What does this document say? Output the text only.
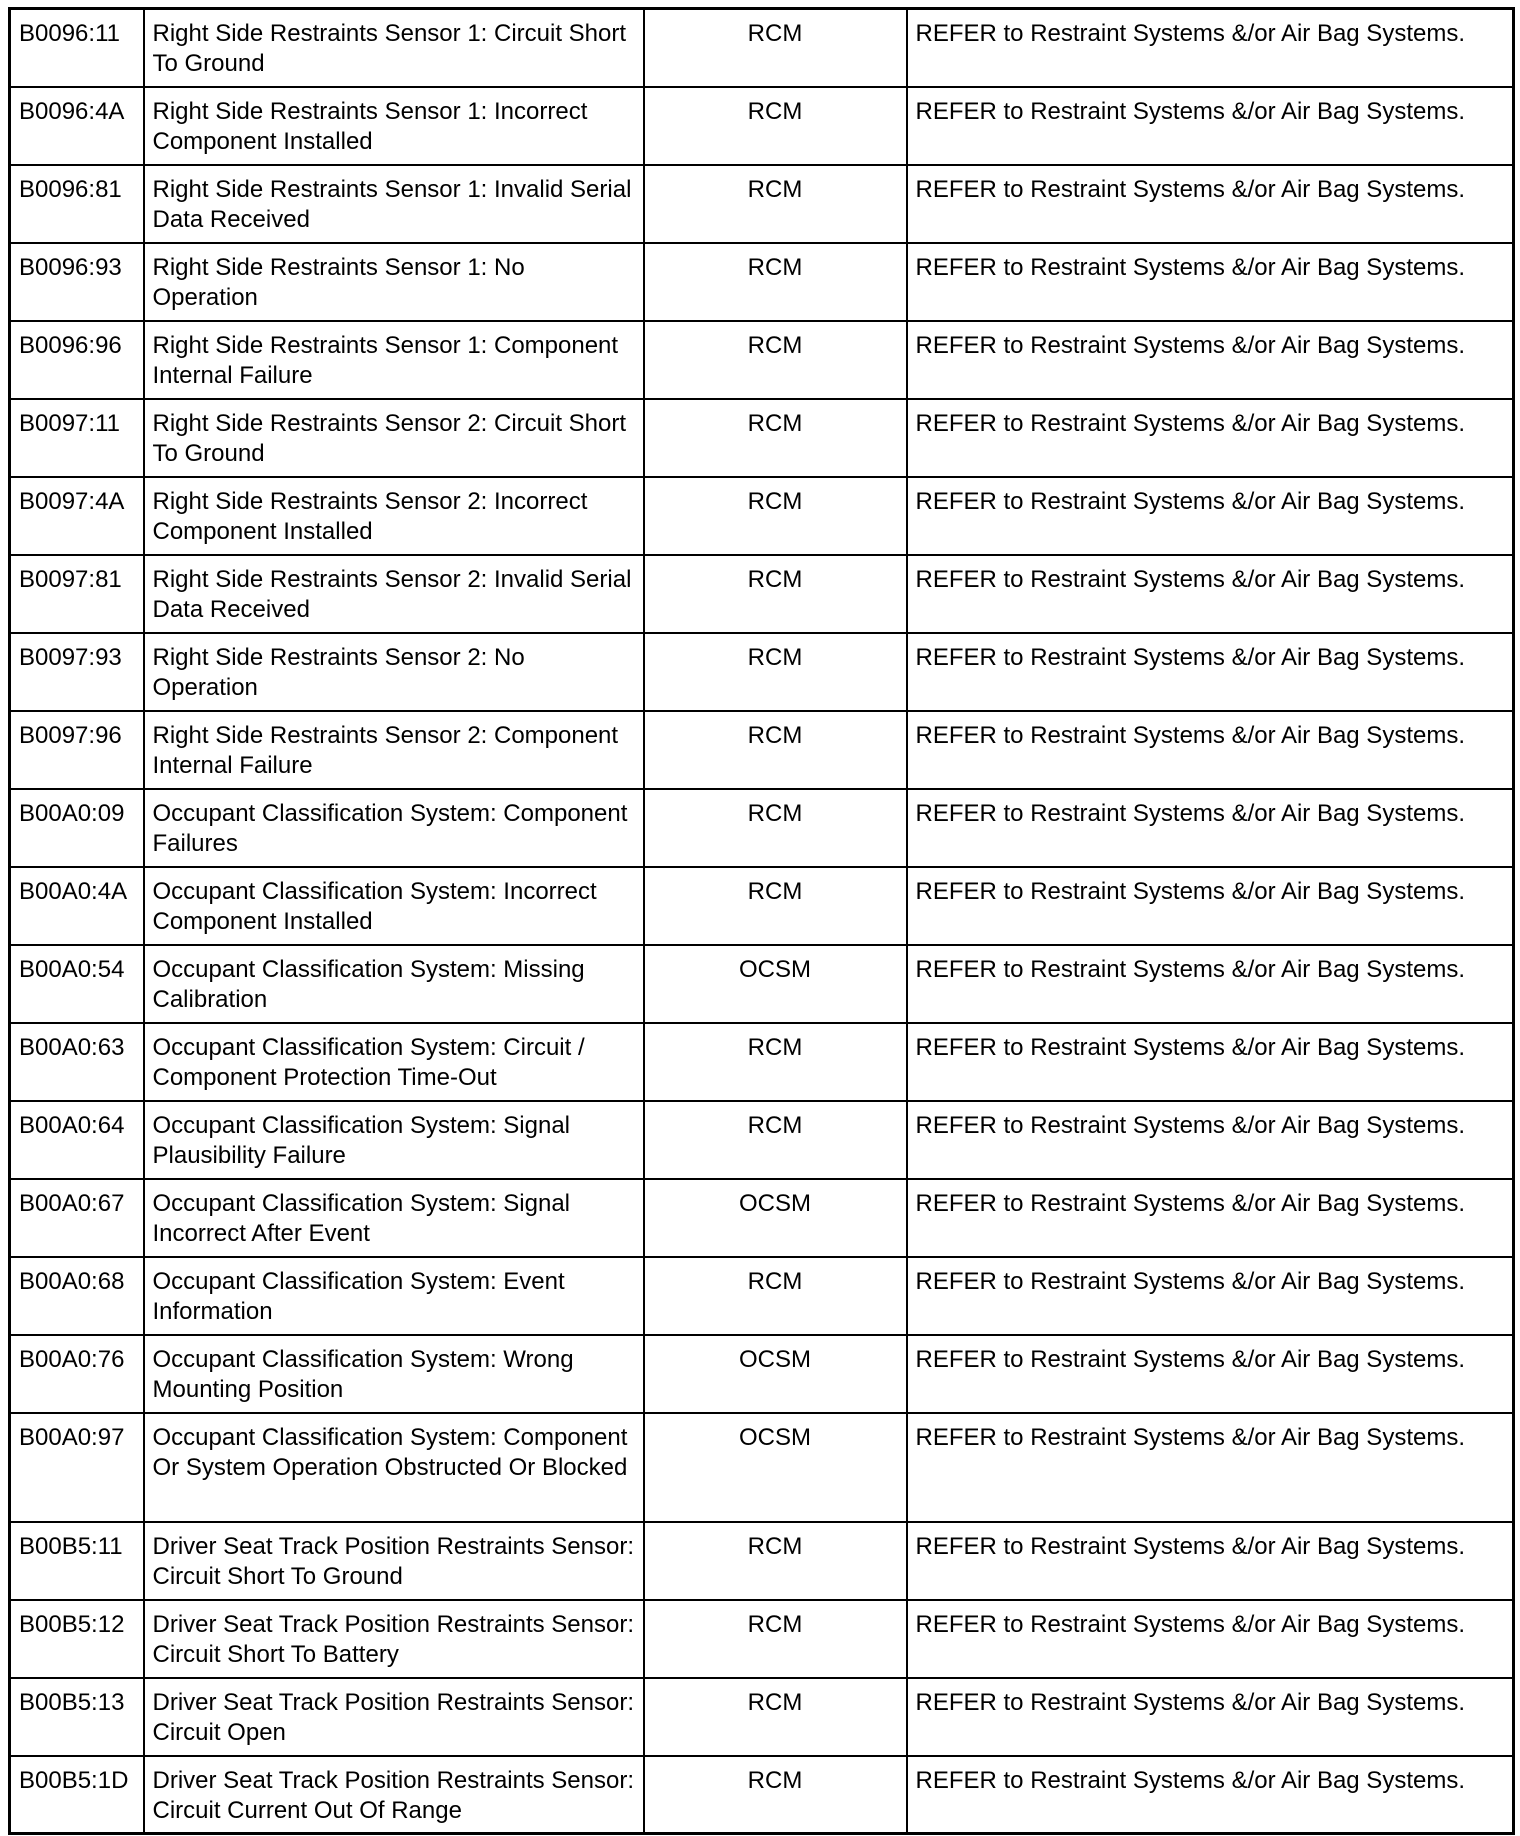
B0096:11	Right Side Restraints Sensor 1: Circuit Short To Ground	RCM	REFER to Restraint Systems &/or Air Bag Systems.
B0096:4A	Right Side Restraints Sensor 1: Incorrect Component Installed	RCM	REFER to Restraint Systems &/or Air Bag Systems.
B0096:81	Right Side Restraints Sensor 1: Invalid Serial Data Received	RCM	REFER to Restraint Systems &/or Air Bag Systems.
B0096:93	Right Side Restraints Sensor 1: No Operation	RCM	REFER to Restraint Systems &/or Air Bag Systems.
B0096:96	Right Side Restraints Sensor 1: Component Internal Failure	RCM	REFER to Restraint Systems &/or Air Bag Systems.
B0097:11	Right Side Restraints Sensor 2: Circuit Short To Ground	RCM	REFER to Restraint Systems &/or Air Bag Systems.
B0097:4A	Right Side Restraints Sensor 2: Incorrect Component Installed	RCM	REFER to Restraint Systems &/or Air Bag Systems.
B0097:81	Right Side Restraints Sensor 2: Invalid Serial Data Received	RCM	REFER to Restraint Systems &/or Air Bag Systems.
B0097:93	Right Side Restraints Sensor 2: No Operation	RCM	REFER to Restraint Systems &/or Air Bag Systems.
B0097:96	Right Side Restraints Sensor 2: Component Internal Failure	RCM	REFER to Restraint Systems &/or Air Bag Systems.
B00A0:09	Occupant Classification System: Component Failures	RCM	REFER to Restraint Systems &/or Air Bag Systems.
B00A0:4A	Occupant Classification System: Incorrect Component Installed	RCM	REFER to Restraint Systems &/or Air Bag Systems.
B00A0:54	Occupant Classification System: Missing Calibration	OCSM	REFER to Restraint Systems &/or Air Bag Systems.
B00A0:63	Occupant Classification System: Circuit / Component Protection Time-Out	RCM	REFER to Restraint Systems &/or Air Bag Systems.
B00A0:64	Occupant Classification System: Signal Plausibility Failure	RCM	REFER to Restraint Systems &/or Air Bag Systems.
B00A0:67	Occupant Classification System: Signal Incorrect After Event	OCSM	REFER to Restraint Systems &/or Air Bag Systems.
B00A0:68	Occupant Classification System: Event Information	RCM	REFER to Restraint Systems &/or Air Bag Systems.
B00A0:76	Occupant Classification System: Wrong Mounting Position	OCSM	REFER to Restraint Systems &/or Air Bag Systems.
B00A0:97	Occupant Classification System: Component Or System Operation Obstructed Or Blocked	OCSM	REFER to Restraint Systems &/or Air Bag Systems.
B00B5:11	Driver Seat Track Position Restraints Sensor: Circuit Short To Ground	RCM	REFER to Restraint Systems &/or Air Bag Systems.
B00B5:12	Driver Seat Track Position Restraints Sensor: Circuit Short To Battery	RCM	REFER to Restraint Systems &/or Air Bag Systems.
B00B5:13	Driver Seat Track Position Restraints Sensor: Circuit Open	RCM	REFER to Restraint Systems &/or Air Bag Systems.
B00B5:1D	Driver Seat Track Position Restraints Sensor: Circuit Current Out Of Range	RCM	REFER to Restraint Systems &/or Air Bag Systems.
